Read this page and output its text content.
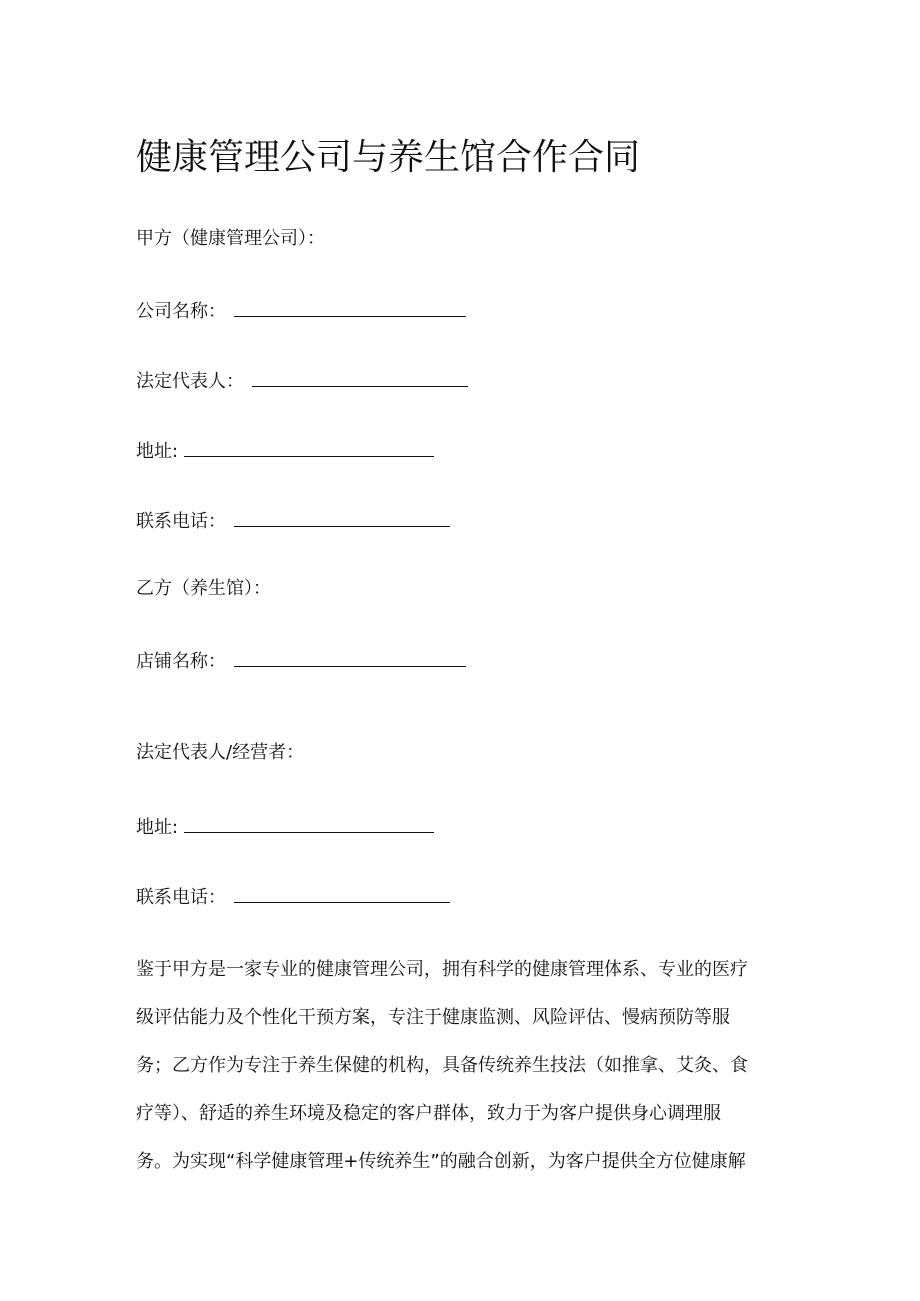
健康管理公司与养生馆合作合同
甲方（健康管理公司）：
公司名称：
法定代表人：
地址:
联系电话：
乙方（养生馆）：
店铺名称：
法定代表人/经营者：
地址:
联系电话：
鉴于甲方是一家专业的健康管理公司，拥有科学的健康管理体系、专业的医疗
级评估能力及个性化干预方案，专注于健康监测、风险评估、慢病预防等服
务；乙方作为专注于养生保健的机构，具备传统养生技法（如推拿、艾灸、食
疗等）、舒适的养生环境及稳定的客户群体，致力于为客户提供身心调理服
务。为实现“科学健康管理+传统养生”的融合创新，为客户提供全方位健康解
